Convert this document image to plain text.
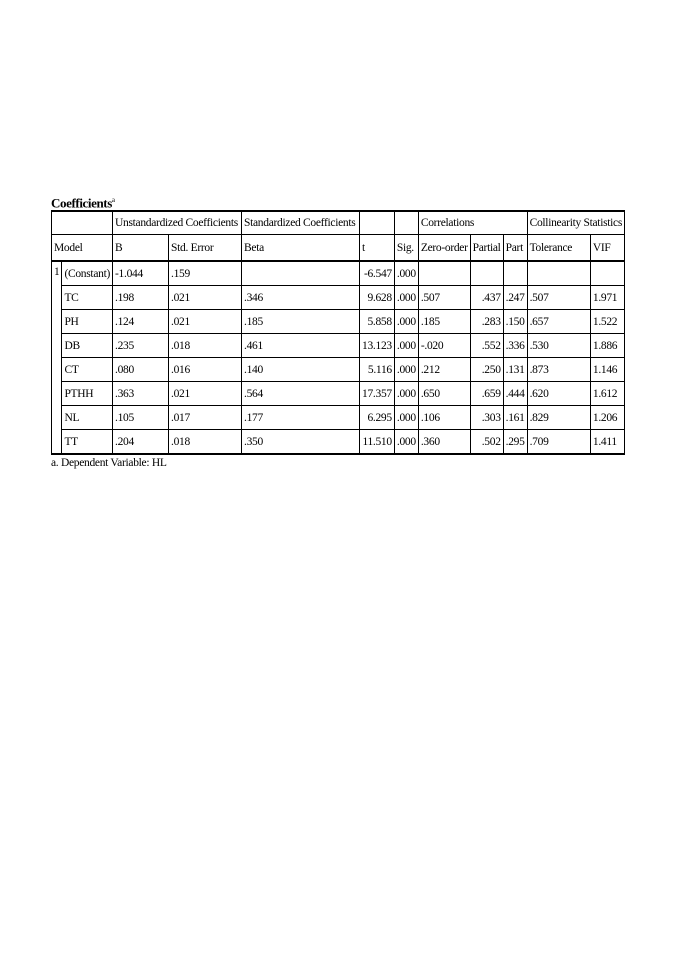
Coefficients$^a$
		Unstandardized Coefficients		Standardized Coefficients			Correlations			Collinearity Statistics	
Model		B	Std. Error	Beta	t	Sig.	Zero-order	Partial	Part	Tolerance	VIF
1	(Constant)	-1.044	.159		-6.547	.000					
	TC	.198	.021	.346	9.628	.000	.507	.437	.247	.507	1.971
	PH	.124	.021	.185	5.858	.000	.185	.283	.150	.657	1.522
	DB	.235	.018	.461	13.123	.000	-.020	.552	.336	.530	1.886
	CT	.080	.016	.140	5.116	.000	.212	.250	.131	.873	1.146
	PTHH	.363	.021	.564	17.357	.000	.650	.659	.444	.620	1.612
	NL	.105	.017	.177	6.295	.000	.106	.303	.161	.829	1.206
	TT	.204	.018	.350	11.510	.000	.360	.502	.295	.709	1.411
a. Dependent Variable: HL
